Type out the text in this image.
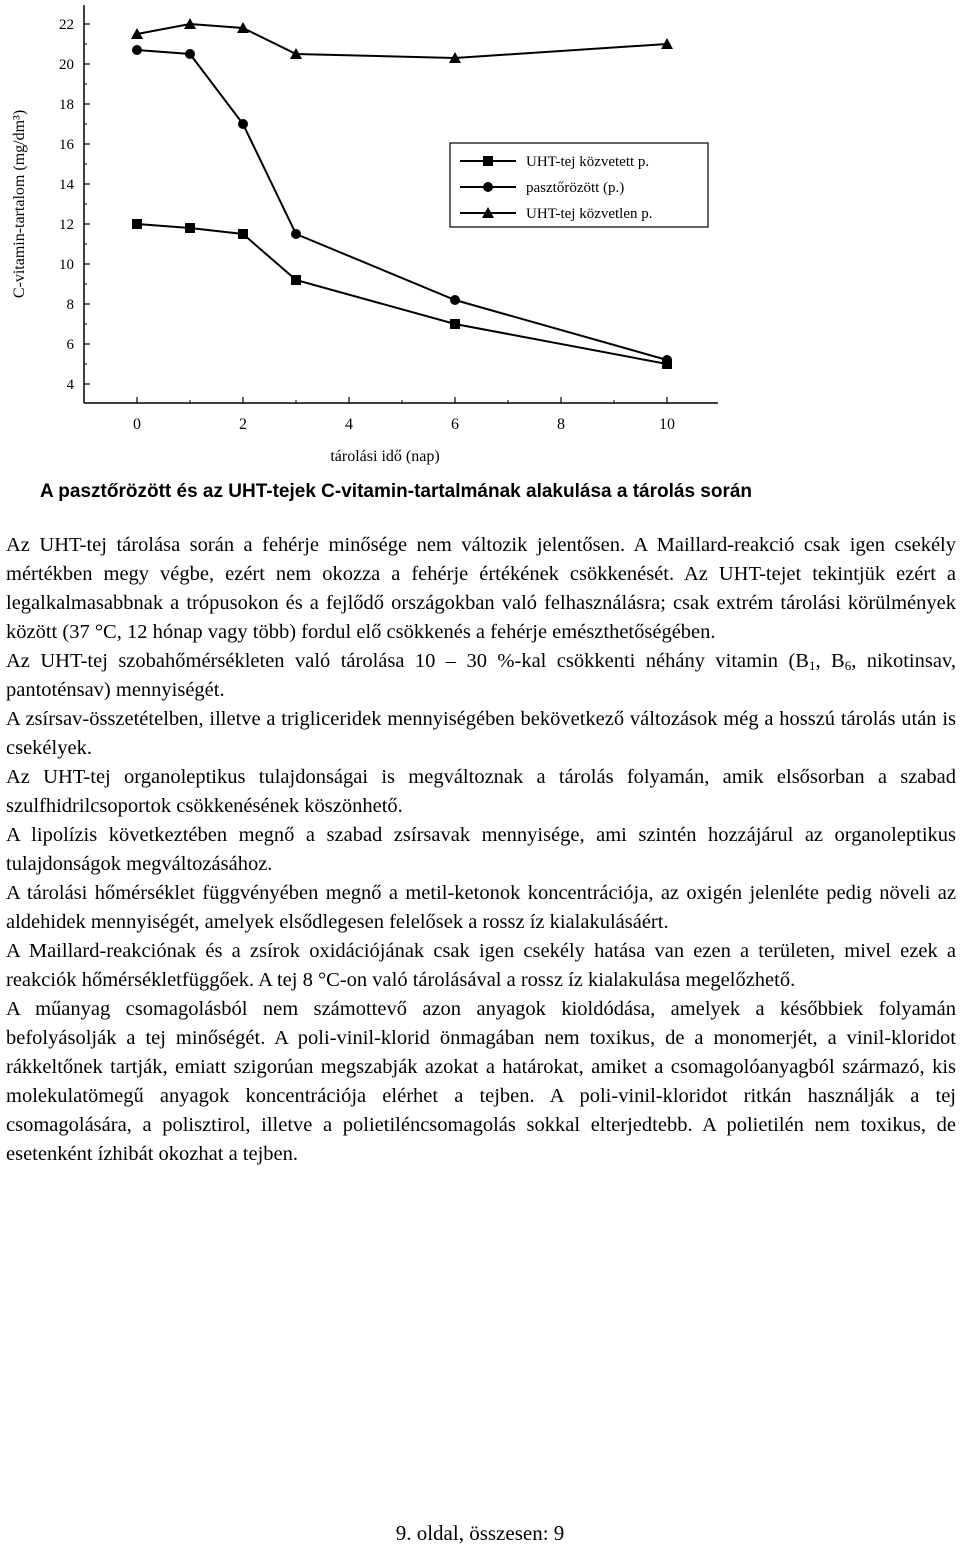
4
6
8
10
12
14
16
18
20
22
0	2	4	6	8	10
tárolási idő (nap)
C-vitamin-tartalom (mg/dm³)	UHT-tej közvetett p.
pasztőrözött (p.)
UHT-tej közvetlen p.

A pasztőrözött és az UHT-tejek C-vitamin-tartalmának alakulása a tárolás során

Az UHT-tej tárolása során a fehérje minősége nem változik jelentősen. A Maillard-reakció csak igen csekély mértékben megy végbe, ezért nem okozza a fehérje értékének csökkenését. Az UHT-tejet tekintjük ezért a legalkalmasabbnak a trópusokon és a fejlődő országokban való felhasználásra; csak extrém tárolási körülmények között (37 °C, 12 hónap vagy több) fordul elő csökkenés a fehérje emészthetőségében.

Az UHT-tej szobahőmérsékleten való tárolása 10 – 30 %-kal csökkenti néhány vitamin ($B_1$, $B_6$, nikotinsav, pantoténsav) mennyiségét.

A zsírsav-összetételben, illetve a trigliceridek mennyiségében bekövetkező változások még a hosszú tárolás után is csekélyek.

Az UHT-tej organoleptikus tulajdonságai is megváltoznak a tárolás folyamán, amik elsősorban a szabad szulfhidrilcsoportok csökkenésének köszönhető.

A lipolízis következtében megnő a szabad zsírsavak mennyisége, ami szintén hozzájárul az organoleptikus tulajdonságok megváltozásához.

A tárolási hőmérséklet függvényében megnő a metil-ketonok koncentrációja, az oxigén jelenléte pedig növeli az aldehidek mennyiségét, amelyek elsődlegesen felelősek a rossz íz kialakulásáért.

A Maillard-reakciónak és a zsírok oxidációjának csak igen csekély hatása van ezen a területen, mivel ezek a reakciók hőmérsékletfüggőek. A tej 8 °C-on való tárolásával a rossz íz kialakulása megelőzhető.

A műanyag csomagolásból nem számottevő azon anyagok kioldódása, amelyek a későbbiek folyamán befolyásolják a tej minőségét. A poli-vinil-klorid önmagában nem toxikus, de a monomerjét, a vinil-kloridot rákkeltőnek tartják, emiatt szigorúan megszabják azokat a határokat, amiket a csomagolóanyagból származó, kis molekulatömegű anyagok koncentrációja elérhet a tejben. A poli-vinil-kloridot ritkán használják a tej csomagolására, a polisztirol, illetve a polietiléncsomagolás sokkal elterjedtebb. A polietilén nem toxikus, de esetenként ízhibát okozhat a tejben.

9. oldal, összesen: 9
